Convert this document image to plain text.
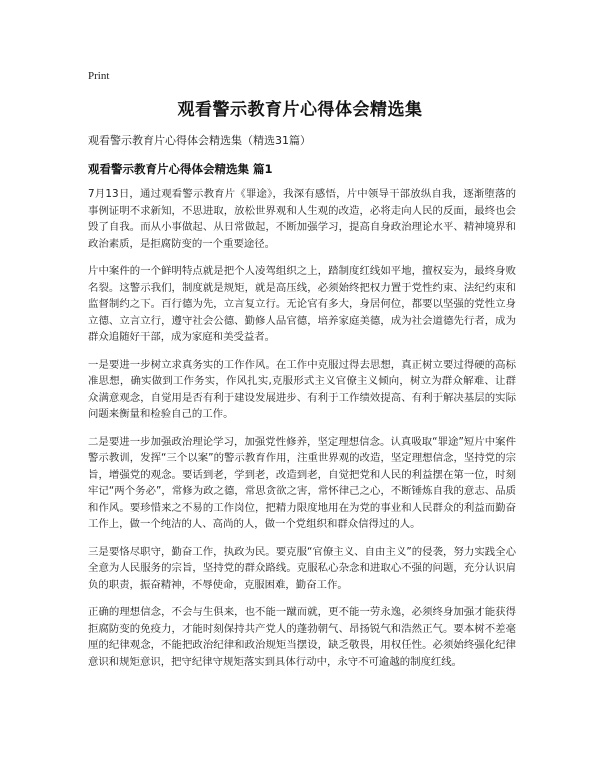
Print
观看警示教育片心得体会精选集

观看警示教育片心得体会精选集（精选31篇）

观看警示教育片心得体会精选集 篇1

7月13日，通过观看警示教育片《罪途》，我深有感悟，片中领导干部放纵自我，逐渐堕落的事例证明不求新知，不思进取，放松世界观和人生观的改造，必将走向人民的反面，最终也会毁了自我。而从小事做起、从日常做起，不断加强学习，提高自身政治理论水平、精神境界和政治素质，是拒腐防变的一个重要途径。

片中案件的一个鲜明特点就是把个人凌驾组织之上，踏制度红线如平地，擅权妄为，最终身败名裂。这警示我们，制度就是规矩，就是高压线，必须始终把权力置于党性约束、法纪约束和监督制约之下。百行德为先，立言复立行。无论官有多大，身居何位，都要以坚强的党性立身立德、立言立行，遵守社会公德、勤修人品官德，培养家庭美德，成为社会道德先行者，成为群众追随好干部，成为家庭和美受益者。

一是要进一步树立求真务实的工作作风。在工作中克服过得去思想，真正树立要过得硬的高标准思想，确实做到工作务实，作风扎实,克服形式主义官僚主义倾向，树立为群众解难、让群众满意观念，自觉用是否有利于建设发展进步、有利于工作绩效提高、有利于解决基层的实际问题来衡量和检验自己的工作。

二是要进一步加强政治理论学习，加强党性修养，坚定理想信念。认真吸取“罪途”短片中案件警示教训，发挥“三个以案”的警示教育作用，注重世界观的改造，坚定理想信念，坚持党的宗旨，增强党的观念。要话到老，学到老，改造到老，自觉把党和人民的利益摆在第一位，时刻牢记“两个务必”，常修为政之德，常思贪欲之害，常怀律己之心，不断锤炼自我的意志、品质和作风。要珍惜来之不易的工作岗位，把精力限度地用在为党的事业和人民群众的利益而勤奋工作上，做一个纯洁的人、高尚的人，做一个党组织和群众信得过的人。

三是要恪尽职守，勤奋工作，执政为民。要克服“官僚主义、自由主义”的侵袭，努力实践全心全意为人民服务的宗旨，坚持党的群众路线。克服私心杂念和进取心不强的问题，充分认识肩负的职责，振奋精神，不辱使命，克服困难，勤奋工作。

正确的理想信念，不会与生俱来，也不能一蹴而就，更不能一劳永逸，必须终身加强才能获得拒腐防变的免疫力，才能时刻保持共产党人的蓬勃朝气、昂扬锐气和浩然正气。要本树不差毫厘的纪律观念，不能把政治纪律和政治规矩当摆设，缺乏敬畏，用权任性。必须始终强化纪律意识和规矩意识，把守纪律守规矩落实到具体行动中，永守不可逾越的制度红线。
